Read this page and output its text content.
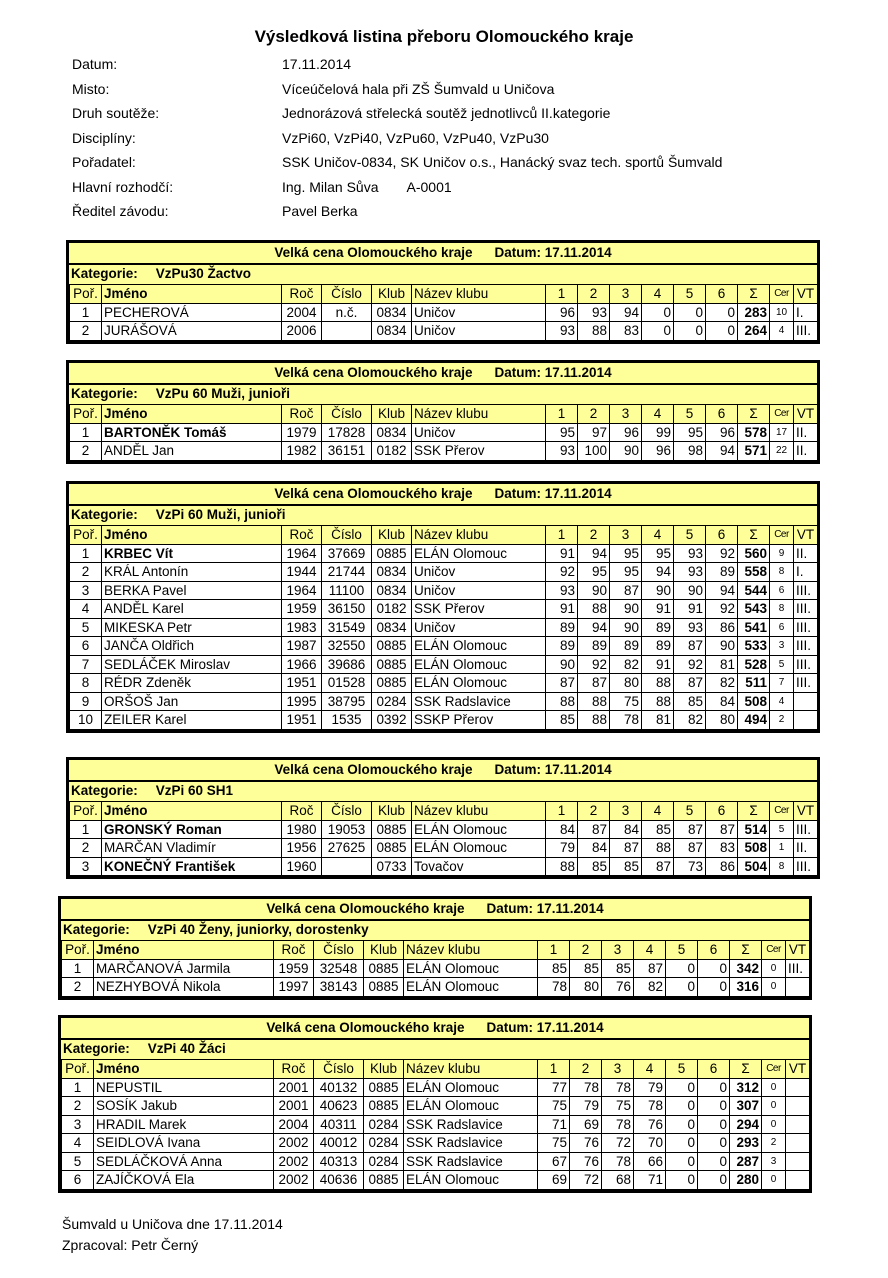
Výsledková listina přeboru Olomouckého kraje
Datum:	17.11.2014
Misto:	Víceúčelová hala při ZŠ Šumvald u Uničova
Druh soutěže:	Jednorázová střelecká soutěž jednotlivců II.kategorie
Disciplíny:	VzPi60, VzPi40, VzPu60, VzPu40, VzPu30
Pořadatel:	SSK Uničov-0834, SK Uničov o.s., Hanácký svaz tech. sportů Šumvald
Hlavní rozhodčí:	Ing. Milan Sůva A-0001
Ředitel závodu:	Pavel Berka
Velká cena Olomouckého kraje Datum: 17.11.2014
Kategorie: VzPu30 Žactvo
Poř.	Jméno	Roč	Číslo	Klub	Název klubu	1	2	3	4	5	6	Σ	Cer	VT
1	PECHEROVÁ	2004	n.č.	0834	Uničov	96	93	94	0	0	0	283	10	I.
2	JURÁŠOVÁ	2006		0834	Uničov	93	88	83	0	0	0	264	4	III.
Velká cena Olomouckého kraje Datum: 17.11.2014
Kategorie: VzPu 60 Muži, junioři
Poř.	Jméno	Roč	Číslo	Klub	Název klubu	1	2	3	4	5	6	Σ	Cer	VT
1	BARTONĚK Tomáš	1979	17828	0834	Uničov	95	97	96	99	95	96	578	17	II.
2	ANDĚL Jan	1982	36151	0182	SSK Přerov	93	100	90	96	98	94	571	22	II.
Velká cena Olomouckého kraje Datum: 17.11.2014
Kategorie: VzPi 60 Muži, junioři
Poř.	Jméno	Roč	Číslo	Klub	Název klubu	1	2	3	4	5	6	Σ	Cer	VT
1	KRBEC Vít	1964	37669	0885	ELÁN Olomouc	91	94	95	95	93	92	560	9	II.
2	KRÁL Antonín	1944	21744	0834	Uničov	92	95	95	94	93	89	558	8	I.
3	BERKA Pavel	1964	11100	0834	Uničov	93	90	87	90	90	94	544	6	III.
4	ANDĚL Karel	1959	36150	0182	SSK Přerov	91	88	90	91	91	92	543	8	III.
5	MIKESKA Petr	1983	31549	0834	Uničov	89	94	90	89	93	86	541	6	III.
6	JANČA Oldřich	1987	32550	0885	ELÁN Olomouc	89	89	89	89	87	90	533	3	III.
7	SEDLÁČEK Miroslav	1966	39686	0885	ELÁN Olomouc	90	92	82	91	92	81	528	5	III.
8	RÉDR Zdeněk	1951	01528	0885	ELÁN Olomouc	87	87	80	88	87	82	511	7	III.
9	ORŠOŠ Jan	1995	38795	0284	SSK Radslavice	88	88	75	88	85	84	508	4	
10	ZEILER Karel	1951	1535	0392	SSKP Přerov	85	88	78	81	82	80	494	2	
Velká cena Olomouckého kraje Datum: 17.11.2014
Kategorie: VzPi 60 SH1
Poř.	Jméno	Roč	Číslo	Klub	Název klubu	1	2	3	4	5	6	Σ	Cer	VT
1	GRONSKÝ Roman	1980	19053	0885	ELÁN Olomouc	84	87	84	85	87	87	514	5	III.
2	MARČAN Vladimír	1956	27625	0885	ELÁN Olomouc	79	84	87	88	87	83	508	1	II.
3	KONEČNÝ František	1960		0733	Tovačov	88	85	85	87	73	86	504	8	III.
Velká cena Olomouckého kraje Datum: 17.11.2014
Kategorie: VzPi 40 Ženy, juniorky, dorostenky
Poř.	Jméno	Roč	Číslo	Klub	Název klubu	1	2	3	4	5	6	Σ	Cer	VT
1	MARČANOVÁ Jarmila	1959	32548	0885	ELÁN Olomouc	85	85	85	87	0	0	342	0	III.
2	NEZHYBOVÁ Nikola	1997	38143	0885	ELÁN Olomouc	78	80	76	82	0	0	316	0	
Velká cena Olomouckého kraje Datum: 17.11.2014
Kategorie: VzPi 40 Žáci
Poř.	Jméno	Roč	Číslo	Klub	Název klubu	1	2	3	4	5	6	Σ	Cer	VT
1	NEPUSTIL	2001	40132	0885	ELÁN Olomouc	77	78	78	79	0	0	312	0	
2	SOSÍK Jakub	2001	40623	0885	ELÁN Olomouc	75	79	75	78	0	0	307	0	
3	HRADIL Marek	2004	40311	0284	SSK Radslavice	71	69	78	76	0	0	294	0	
4	SEIDLOVÁ Ivana	2002	40012	0284	SSK Radslavice	75	76	72	70	0	0	293	2	
5	SEDLÁČKOVÁ Anna	2002	40313	0284	SSK Radslavice	67	76	78	66	0	0	287	3	
6	ZAJÍČKOVÁ Ela	2002	40636	0885	ELÁN Olomouc	69	72	68	71	0	0	280	0	
Šumvald u Uničova dne 17.11.2014
Zpracoval: Petr Černý
